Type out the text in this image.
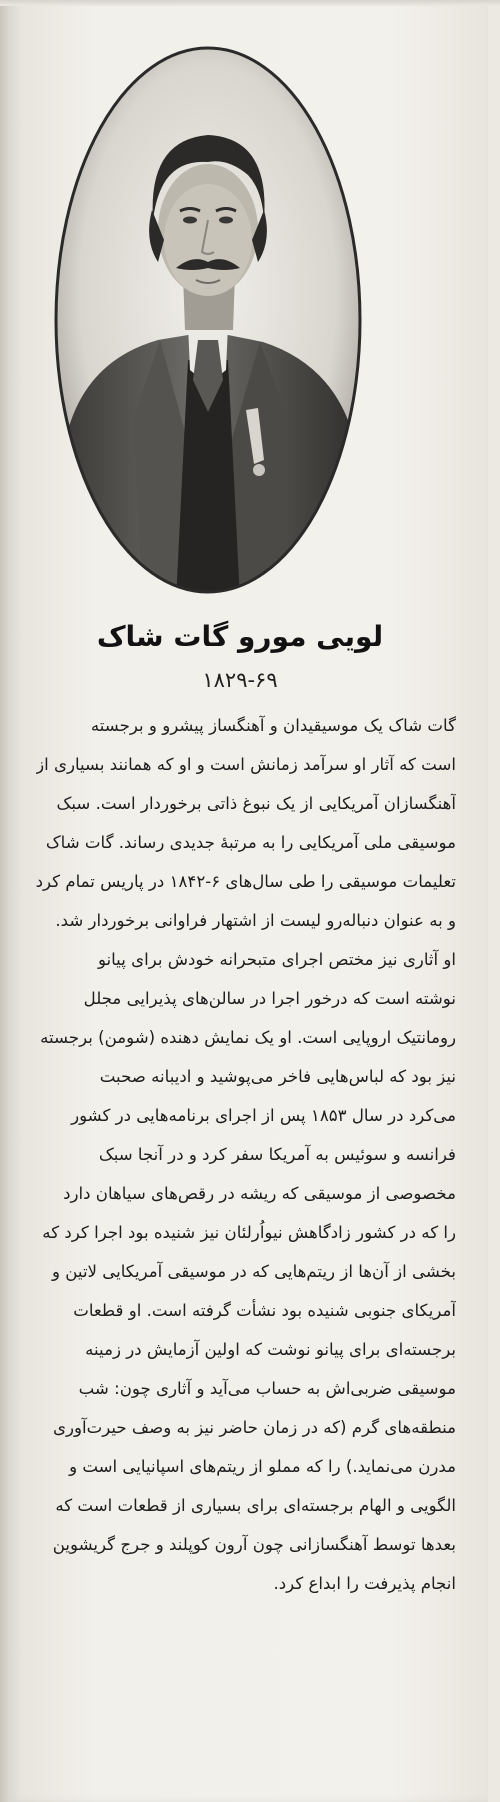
لویی مورو گات شاک
۱۸۲۹-۶۹
گات شاک یک موسیقیدان و آهنگساز پیشرو و برجسته
است که آثار او سرآمد زمانش است و او که همانند بسیاری از
آهنگسازان آمریکایی از یک نبوغ ذاتی برخوردار است. سبک
موسیقی ملی آمریکایی را به مرتبهٔ جدیدی رساند. گات شاک
تعلیمات موسیقی را طی سال‌های ۶-۱۸۴۲ در پاریس تمام کرد
و به عنوان دنباله‌رو لیست از اشتهار فراوانی برخوردار شد.
او آثاری نیز مختص اجرای متبحرانه خودش برای پیانو
نوشته است که درخور اجرا در سالن‌های پذیرایی مجلل
رومانتیک اروپایی است. او یک نمایش دهنده (شومن) برجسته
نیز بود که لباس‌هایی فاخر می‌پوشید و ادیبانه صحبت
می‌کرد در سال ۱۸۵۳ پس از اجرای برنامه‌هایی در کشور
فرانسه و سوئیس به آمریکا سفر کرد و در آنجا سبک
مخصوصی از موسیقی که ریشه در رقص‌های سیاهان دارد
را که در کشور زادگاهش نیواُرلئان نیز شنیده بود اجرا کرد که
بخشی از آن‌ها از ریتم‌هایی که در موسیقی آمریکایی لاتین و
آمریکای جنوبی شنیده بود نشأت گرفته است. او قطعات
برجسته‌ای برای پیانو نوشت که اولین آزمایش در زمینه
موسیقی ضربی‌اش به حساب می‌آید و آثاری چون: شب
منطقه‌های گرم (که در زمان حاضر نیز به وصف حیرت‌آوری
مدرن می‌نماید.) را که مملو از ریتم‌های اسپانیایی است و
الگویی و الهام برجسته‌ای برای بسیاری از قطعات است که
بعدها توسط آهنگسازانی چون آرون کوپلند و جرج گریشوین
انجام پذیرفت را ابداع کرد.
